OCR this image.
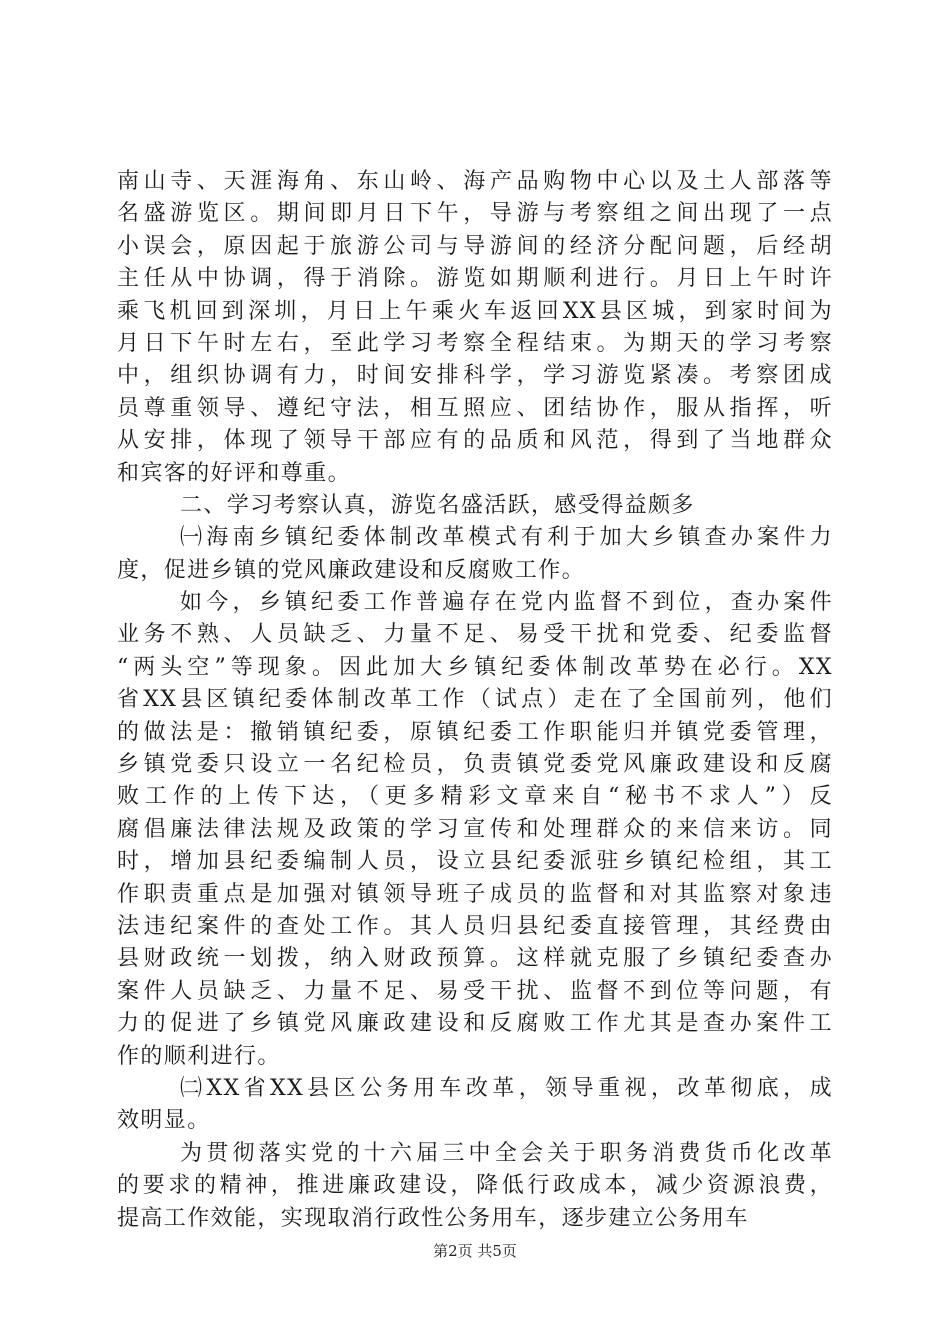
南山寺、天涯海角、东山岭、海产品购物中心以及土人部落等
名盛游览区。期间即月日下午，导游与考察组之间出现了一点
小误会，原因起于旅游公司与导游间的经济分配问题，后经胡
主任从中协调，得于消除。游览如期顺利进行。月日上午时许
乘飞机回到深圳，月日上午乘火车返回XX县区城，到家时间为
月日下午时左右，至此学习考察全程结束。为期天的学习考察
中，组织协调有力，时间安排科学，学习游览紧凑。考察团成
员尊重领导、遵纪守法，相互照应、团结协作，服从指挥，听
从安排，体现了领导干部应有的品质和风范，得到了当地群众
和宾客的好评和尊重。
二、学习考察认真，游览名盛活跃，感受得益颇多
㈠海南乡镇纪委体制改革模式有利于加大乡镇查办案件力
度，促进乡镇的党风廉政建设和反腐败工作。
如今，乡镇纪委工作普遍存在党内监督不到位，查办案件
业务不熟、人员缺乏、力量不足、易受干扰和党委、纪委监督
“两头空”等现象。因此加大乡镇纪委体制改革势在必行。XX
省XX县区镇纪委体制改革工作（试点）走在了全国前列，他们
的做法是：撤销镇纪委，原镇纪委工作职能归并镇党委管理，
乡镇党委只设立一名纪检员，负责镇党委党风廉政建设和反腐
败工作的上传下达，（更多精彩文章来自“秘书不求人”）反
腐倡廉法律法规及政策的学习宣传和处理群众的来信来访。同
时，增加县纪委编制人员，设立县纪委派驻乡镇纪检组，其工
作职责重点是加强对镇领导班子成员的监督和对其监察对象违
法违纪案件的查处工作。其人员归县纪委直接管理，其经费由
县财政统一划拨，纳入财政预算。这样就克服了乡镇纪委查办
案件人员缺乏、力量不足、易受干扰、监督不到位等问题，有
力的促进了乡镇党风廉政建设和反腐败工作尤其是查办案件工
作的顺利进行。
㈡XX省XX县区公务用车改革，领导重视，改革彻底，成
效明显。
为贯彻落实党的十六届三中全会关于职务消费货币化改革
的要求的精神，推进廉政建设，降低行政成本，减少资源浪费，
提高工作效能，实现取消行政性公务用车，逐步建立公务用车
第2页 共5页
